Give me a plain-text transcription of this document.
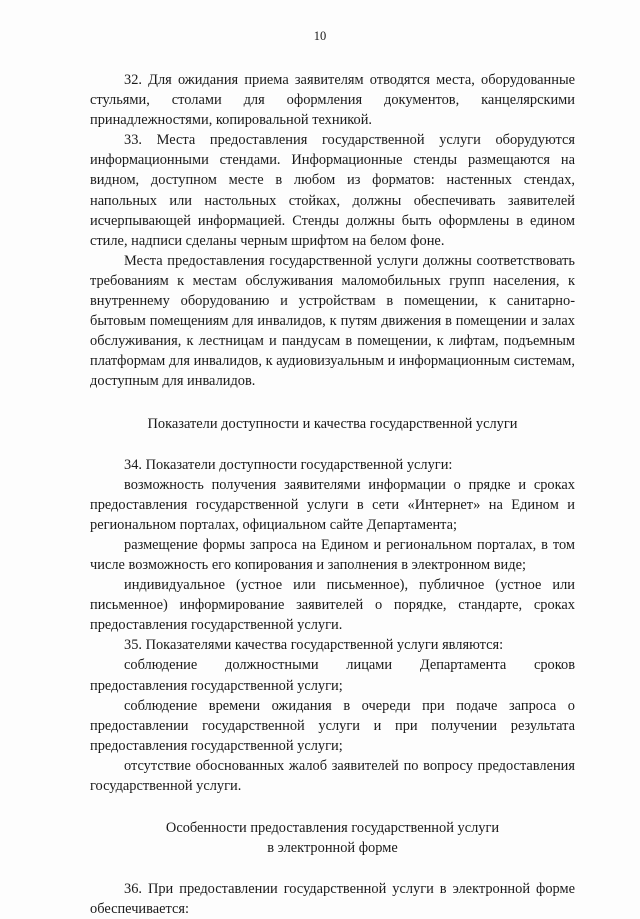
10

32. Для ожидания приема заявителям отводятся места, оборудованные стульями, столами для оформления документов, канцелярскими принадлежностями, копировальной техникой.

33. Места предоставления государственной услуги оборудуются информационными стендами. Информационные стенды размещаются на видном, доступном месте в любом из форматов: настенных стендах, напольных или настольных стойках, должны обеспечивать заявителей исчерпывающей информацией. Стенды должны быть оформлены в едином стиле, надписи сделаны черным шрифтом на белом фоне.

Места предоставления государственной услуги должны соответствовать требованиям к местам обслуживания маломобильных групп населения, к внутреннему оборудованию и устройствам в помещении, к санитарно-бытовым помещениям для инвалидов, к путям движения в помещении и залах обслуживания, к лестницам и пандусам в помещении, к лифтам, подъемным платформам для инвалидов, к аудиовизуальным и информационным системам, доступным для инвалидов.

Показатели доступности и качества государственной услуги

34. Показатели доступности государственной услуги:

возможность получения заявителями информации о прядке и сроках предоставления государственной услуги в сети «Интернет» на Едином и региональном порталах, официальном сайте Департамента;

размещение формы запроса на Едином и региональном порталах, в том числе возможность его копирования и заполнения в электронном виде;

индивидуальное (устное или письменное), публичное (устное или письменное) информирование заявителей о порядке, стандарте, сроках предоставления государственной услуги.

35. Показателями качества государственной услуги являются:

соблюдение должностными лицами Департамента сроков предоставления государственной услуги;

соблюдение времени ожидания в очереди при подаче запроса о предоставлении государственной услуги и при получении результата предоставления государственной услуги;

отсутствие обоснованных жалоб заявителей по вопросу предоставления государственной услуги.

Особенности предоставления государственной услуги

в электронной форме

36. При предоставлении государственной услуги в электронной форме обеспечивается:
